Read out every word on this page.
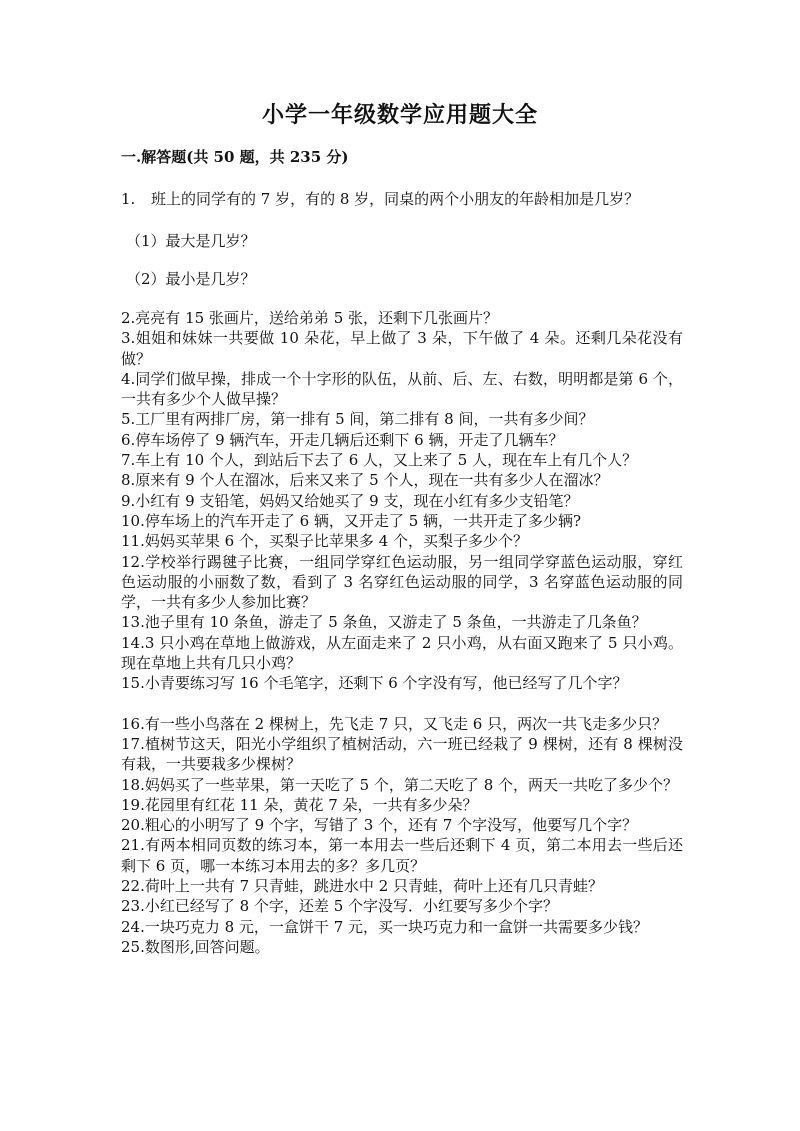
小学一年级数学应用题大全
一.解答题(共 50 题，共 235 分)
1. 班上的同学有的 7 岁，有的 8 岁，同桌的两个小朋友的年龄相加是几岁？
（1）最大是几岁？
（2）最小是几岁？
2.亮亮有 15 张画片，送给弟弟 5 张，还剩下几张画片？
3.姐姐和妹妹一共要做 10 朵花，早上做了 3 朵，下午做了 4 朵。还剩几朵花没有做？
4.同学们做早操，排成一个十字形的队伍，从前、后、左、右数，明明都是第 6 个，一共有多少个人做早操？
5.工厂里有两排厂房，第一排有 5 间，第二排有 8 间，一共有多少间？
6.停车场停了 9 辆汽车，开走几辆后还剩下 6 辆，开走了几辆车？
7.车上有 10 个人，到站后下去了 6 人，又上来了 5 人，现在车上有几个人？
8.原来有 9 个人在溜冰，后来又来了 5 个人，现在一共有多少人在溜冰？
9.小红有 9 支铅笔，妈妈又给她买了 9 支，现在小红有多少支铅笔？
10.停车场上的汽车开走了 6 辆，又开走了 5 辆，一共开走了多少辆?
11.妈妈买苹果 6 个，买梨子比苹果多 4 个，买梨子多少个？
12.学校举行踢毽子比赛，一组同学穿红色运动服，另一组同学穿蓝色运动服，穿红色运动服的小丽数了数，看到了 3 名穿红色运动服的同学，3 名穿蓝色运动服的同学，一共有多少人参加比赛？
13.池子里有 10 条鱼，游走了 5 条鱼，又游走了 5 条鱼，一共游走了几条鱼？
14.3 只小鸡在草地上做游戏，从左面走来了 2 只小鸡，从右面又跑来了 5 只小鸡。现在草地上共有几只小鸡？
15.小青要练习写 16 个毛笔字，还剩下 6 个字没有写，他已经写了几个字？
16.有一些小鸟落在 2 棵树上，先飞走 7 只，又飞走 6 只，两次一共飞走多少只？
17.植树节这天，阳光小学组织了植树活动，六一班已经栽了 9 棵树，还有 8 棵树没有栽，一共要栽多少棵树？
18.妈妈买了一些苹果，第一天吃了 5 个，第二天吃了 8 个，两天一共吃了多少个？
19.花园里有红花 11 朵，黄花 7 朵，一共有多少朵？
20.粗心的小明写了 9 个字，写错了 3 个，还有 7 个字没写，他要写几个字？
21.有两本相同页数的练习本，第一本用去一些后还剩下 4 页，第二本用去一些后还剩下 6 页，哪一本练习本用去的多？多几页？
22.荷叶上一共有 7 只青蛙，跳进水中 2 只青蛙，荷叶上还有几只青蛙？
23.小红已经写了 8 个字，还差 5 个字没写．小红要写多少个字？
24.一块巧克力 8 元，一盒饼干 7 元，买一块巧克力和一盒饼一共需要多少钱？
25.数图形,回答问题。
